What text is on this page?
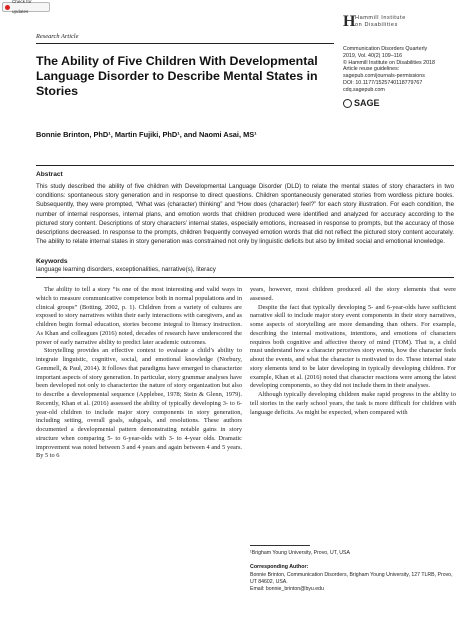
Check for updates
Research Article
H Hammill Institute
on Disabilities
Communication Disorders Quarterly
2019, Vol. 40(2) 109–116
© Hammill Institute on Disabilities 2018
Article reuse guidelines:
sagepub.com/journals-permissions
DOI: 10.1177/1525740118779767
cdq.sagepub.com
SAGE
The Ability of Five Children With Developmental Language Disorder to Describe Mental States in Stories
Bonnie Brinton, PhD¹, Martin Fujiki, PhD¹, and Naomi Asai, MS¹
Abstract
This study described the ability of five children with Developmental Language Disorder (DLD) to relate the mental states of story characters in two conditions: spontaneous story generation and in response to direct questions. Children spontaneously generated stories from wordless picture books. Subsequently, they were prompted, “What was (character) thinking” and “How does (character) feel?” for each story illustration. For each condition, the number of internal responses, internal plans, and emotion words that children produced were identified and analyzed for accuracy according to the pictured story content. Descriptions of story characters’ internal states, especially emotions, increased in response to prompts, but the accuracy of those descriptions decreased. In response to the prompts, children frequently conveyed emotion words that did not reflect the pictured story content accurately. The ability to relate internal states in story generation was constrained not only by linguistic deficits but also by limited social and emotional knowledge.
Keywords
language learning disorders, exceptionalities, narrative(s), literacy

The ability to tell a story “is one of the most interesting and valid ways in which to measure communicative competence both in normal populations and in clinical groups” (Botting, 2002, p. 1). Children from a variety of cultures are exposed to story narratives within their early interactions with caregivers, and as children begin formal education, stories become integral to literacy instruction. As Khan and colleagues (2016) noted, decades of research have underscored the power of early narrative ability to predict later academic outcomes.

Storytelling provides an effective context to evaluate a child’s ability to integrate linguistic, cognitive, social, and emotional knowledge (Norbury, Gemmell, & Paul, 2014). It follows that paradigms have emerged to characterize important aspects of story generation. In particular, story grammar analyses have been developed not only to characterize the nature of story organization but also to describe a developmental sequence (Applebee, 1978; Stein & Glenn, 1979). Recently, Khan et al. (2016) assessed the ability of typically developing 3- to 6-year-old children to include major story components in story generation, including setting, overall goals, subgoals, and resolutions. These authors documented a developmental pattern demonstrating notable gains in story structure when comparing 5- to 6-year-olds with 3- to 4-year olds. Dramatic improvement was noted between 3 and 4 years and again between 4 and 5 years. By 5 to 6

years, however, most children produced all the story elements that were assessed.

Despite the fact that typically developing 5- and 6-year-olds have sufficient narrative skill to include major story event components in their story narratives, some aspects of storytelling are more demanding than others. For example, describing the internal motivations, intentions, and emotions of characters requires both cognitive and affective theory of mind (TOM). That is, a child must understand how a character perceives story events, how the character feels about the events, and what the character is motivated to do. These internal state story elements tend to be later developing in typically developing children. For example, Khan et al. (2016) noted that character reactions were among the latest developing components, so they did not include them in their analyses.

Although typically developing children make rapid progress in the ability to tell stories in the early school years, the task is more difficult for children with language deficits. As might be expected, when compared with

¹Brigham Young University, Provo, UT, USA
Corresponding Author:
Bonnie Brinton, Communication Disorders, Brigham Young University, 127 TLRB, Provo, UT 84602, USA.
Email: bonnie_brinton@byu.edu
